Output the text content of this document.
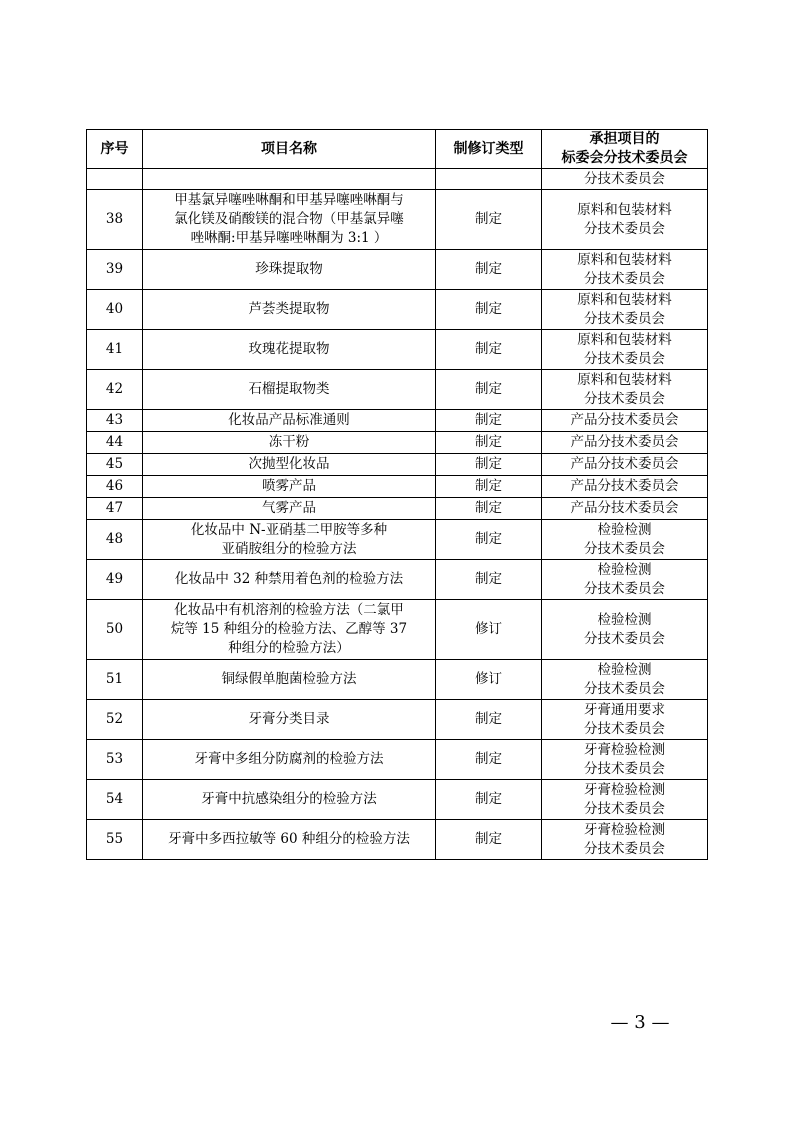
序号	项目名称	制修订类型	承担项目的
标委会分技术委员会
			分技术委员会
38	甲基氯异噻唑啉酮和甲基异噻唑啉酮与
氯化镁及硝酸镁的混合物（甲基氯异噻
唑啉酮:甲基异噻唑啉酮为 3:1 ）	制定	原料和包装材料
分技术委员会
39	珍珠提取物	制定	原料和包装材料
分技术委员会
40	芦荟类提取物	制定	原料和包装材料
分技术委员会
41	玫瑰花提取物	制定	原料和包装材料
分技术委员会
42	石榴提取物类	制定	原料和包装材料
分技术委员会
43	化妆品产品标准通则	制定	产品分技术委员会
44	冻干粉	制定	产品分技术委员会
45	次抛型化妆品	制定	产品分技术委员会
46	喷雾产品	制定	产品分技术委员会
47	气雾产品	制定	产品分技术委员会
48	化妆品中 N-亚硝基二甲胺等多种
亚硝胺组分的检验方法	制定	检验检测
分技术委员会
49	化妆品中 32 种禁用着色剂的检验方法	制定	检验检测
分技术委员会
50	化妆品中有机溶剂的检验方法（二氯甲
烷等 15 种组分的检验方法、乙醇等 37
种组分的检验方法）	修订	检验检测
分技术委员会
51	铜绿假单胞菌检验方法	修订	检验检测
分技术委员会
52	牙膏分类目录	制定	牙膏通用要求
分技术委员会
53	牙膏中多组分防腐剂的检验方法	制定	牙膏检验检测
分技术委员会
54	牙膏中抗感染组分的检验方法	制定	牙膏检验检测
分技术委员会
55	牙膏中多西拉敏等 60 种组分的检验方法	制定	牙膏检验检测
分技术委员会
— 3 —
